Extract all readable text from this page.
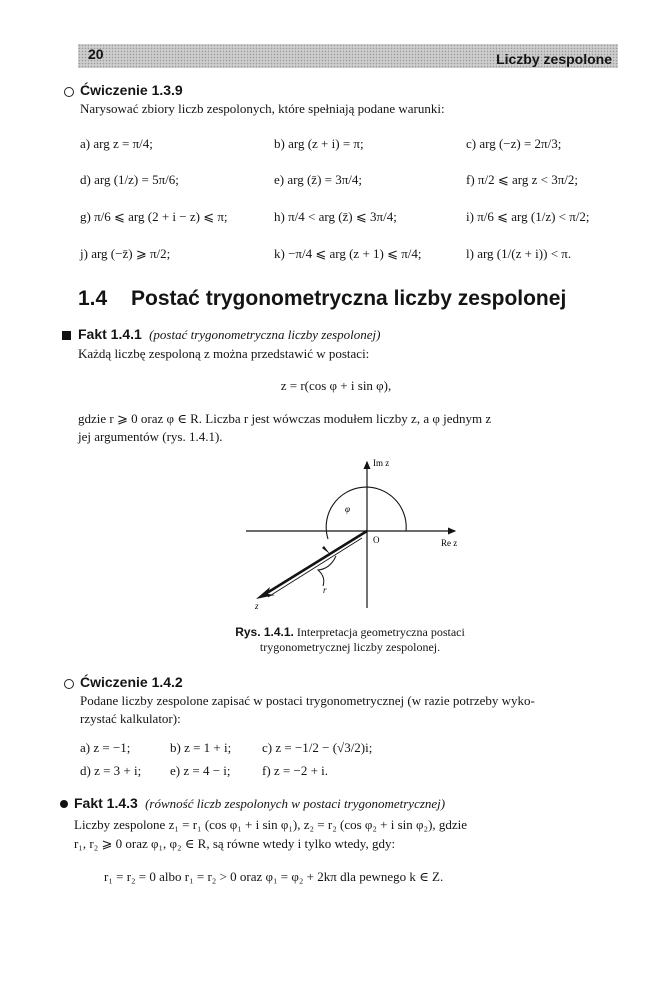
20	Liczby zespolone
Ćwiczenie 1.3.9
Narysować zbiory liczb zespolonych, które spełniają podane warunki:
a) arg z = π/4;	b) arg (z + i) = π;	c) arg (−z) = 2π/3;
d) arg (1/z) = 5π/6;	e) arg (z̄) = 3π/4;	f) π/2 ⩽ arg z < 3π/2;
g) π/6 ⩽ arg (2 + i − z) ⩽ π;	h) π/4 < arg (z̄) ⩽ 3π/4;	i) π/6 ⩽ arg (1/z) < π/2;
j) arg (−z̄) ⩾ π/2;	k) −π/4 ⩽ arg (z + 1) ⩽ π/4;	l) arg (1/(z + i)) < π.
1.4 Postać trygonometryczna liczby zespolonej
Fakt 1.4.1 (postać trygonometryczna liczby zespolonej)
Każdą liczbę zespoloną z można przedstawić w postaci:
z = r(cos φ + i sin φ),
gdzie r ⩾ 0 oraz φ ∈ R. Liczba r jest wówczas modułem liczby z, a φ jednym z
jej argumentów (rys. 1.4.1).
Im z
Re z
O
z
r
φ
Rys. 1.4.1. Interpretacja geometryczna postaci
trygonometrycznej liczby zespolonej.
Ćwiczenie 1.4.2
Podane liczby zespolone zapisać w postaci trygonometrycznej (w razie potrzeby wyko-
rzystać kalkulator):
a) z = −1;	b) z = 1 + i; c) z = −1/2 − (√3/2)i;
d) z = 3 + i; e) z = 4 − i; f) z = −2 + i.
Fakt 1.4.3 (równość liczb zespolonych w postaci trygonometrycznej)
Liczby zespolone z₁ = r₁ (cos φ₁ + i sin φ₁), z₂ = r₂ (cos φ₂ + i sin φ₂), gdzie
r₁, r₂ ⩾ 0 oraz φ₁, φ₂ ∈ R, są równe wtedy i tylko wtedy, gdy:
r₁ = r₂ = 0 albo r₁ = r₂ > 0 oraz φ₁ = φ₂ + 2kπ dla pewnego k ∈ Z.
